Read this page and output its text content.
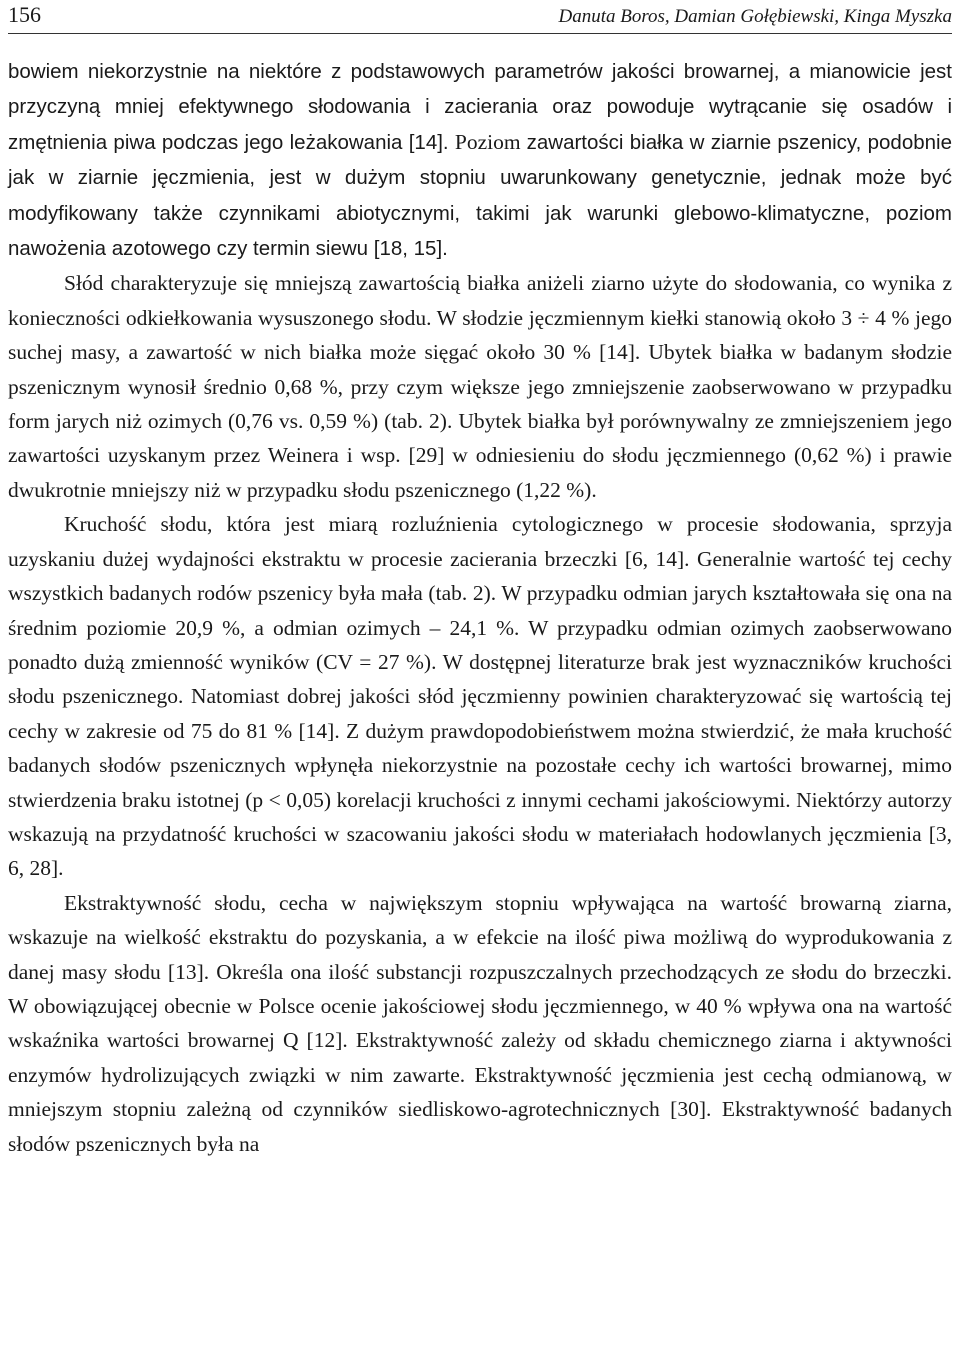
156	Danuta Boros, Damian Gołębiewski, Kinga Myszka

bowiem niekorzystnie na niektóre z podstawowych parametrów jakości browarnej, a mianowicie jest przyczyną mniej efektywnego słodowania i zacierania oraz powoduje wytrącanie się osadów i zmętnienia piwa podczas jego leżakowania [14]. Poziom zawartości białka w ziarnie pszenicy, podobnie jak w ziarnie jęczmienia, jest w dużym stopniu uwarunkowany genetycznie, jednak może być modyfikowany także czynnikami abiotycznymi, takimi jak warunki glebowo-klimatyczne, poziom nawożenia azotowego czy termin siewu [18, 15].

Słód charakteryzuje się mniejszą zawartością białka aniżeli ziarno użyte do słodowania, co wynika z konieczności odkiełkowania wysuszonego słodu. W słodzie jęczmiennym kiełki stanowią około 3 ÷ 4 % jego suchej masy, a zawartość w nich białka może sięgać około 30 % [14]. Ubytek białka w badanym słodzie pszenicznym wynosił średnio 0,68 %, przy czym większe jego zmniejszenie zaobserwowano w przypadku form jarych niż ozimych (0,76 vs. 0,59 %) (tab. 2). Ubytek białka był porównywalny ze zmniejszeniem jego zawartości uzyskanym przez Weinera i wsp. [29] w odniesieniu do słodu jęczmiennego (0,62 %) i prawie dwukrotnie mniejszy niż w przypadku słodu pszenicznego (1,22 %).

Kruchość słodu, która jest miarą rozluźnienia cytologicznego w procesie słodowania, sprzyja uzyskaniu dużej wydajności ekstraktu w procesie zacierania brzeczki [6, 14]. Generalnie wartość tej cechy wszystkich badanych rodów pszenicy była mała (tab. 2). W przypadku odmian jarych kształtowała się ona na średnim poziomie 20,9 %, a odmian ozimych – 24,1 %. W przypadku odmian ozimych zaobserwowano ponadto dużą zmienność wyników (CV = 27 %). W dostępnej literaturze brak jest wyznaczników kruchości słodu pszenicznego. Natomiast dobrej jakości słód jęczmienny powinien charakteryzować się wartością tej cechy w zakresie od 75 do 81 % [14]. Z dużym prawdopodobieństwem można stwierdzić, że mała kruchość badanych słodów pszenicznych wpłynęła niekorzystnie na pozostałe cechy ich wartości browarnej, mimo stwierdzenia braku istotnej (p < 0,05) korelacji kruchości z innymi cechami jakościowymi. Niektórzy autorzy wskazują na przydatność kruchości w szacowaniu jakości słodu w materiałach hodowlanych jęczmienia [3, 6, 28].

Ekstraktywność słodu, cecha w największym stopniu wpływająca na wartość browarną ziarna, wskazuje na wielkość ekstraktu do pozyskania, a w efekcie na ilość piwa możliwą do wyprodukowania z danej masy słodu [13]. Określa ona ilość substancji rozpuszczalnych przechodzących ze słodu do brzeczki. W obowiązującej obecnie w Polsce ocenie jakościowej słodu jęczmiennego, w 40 % wpływa ona na wartość wskaźnika wartości browarnej Q [12]. Ekstraktywność zależy od składu chemicznego ziarna i aktywności enzymów hydrolizujących związki w nim zawarte. Ekstraktywność jęczmienia jest cechą odmianową, w mniejszym stopniu zależną od czynników siedliskowo-agrotechnicznych [30]. Ekstraktywność badanych słodów pszenicznych była na
